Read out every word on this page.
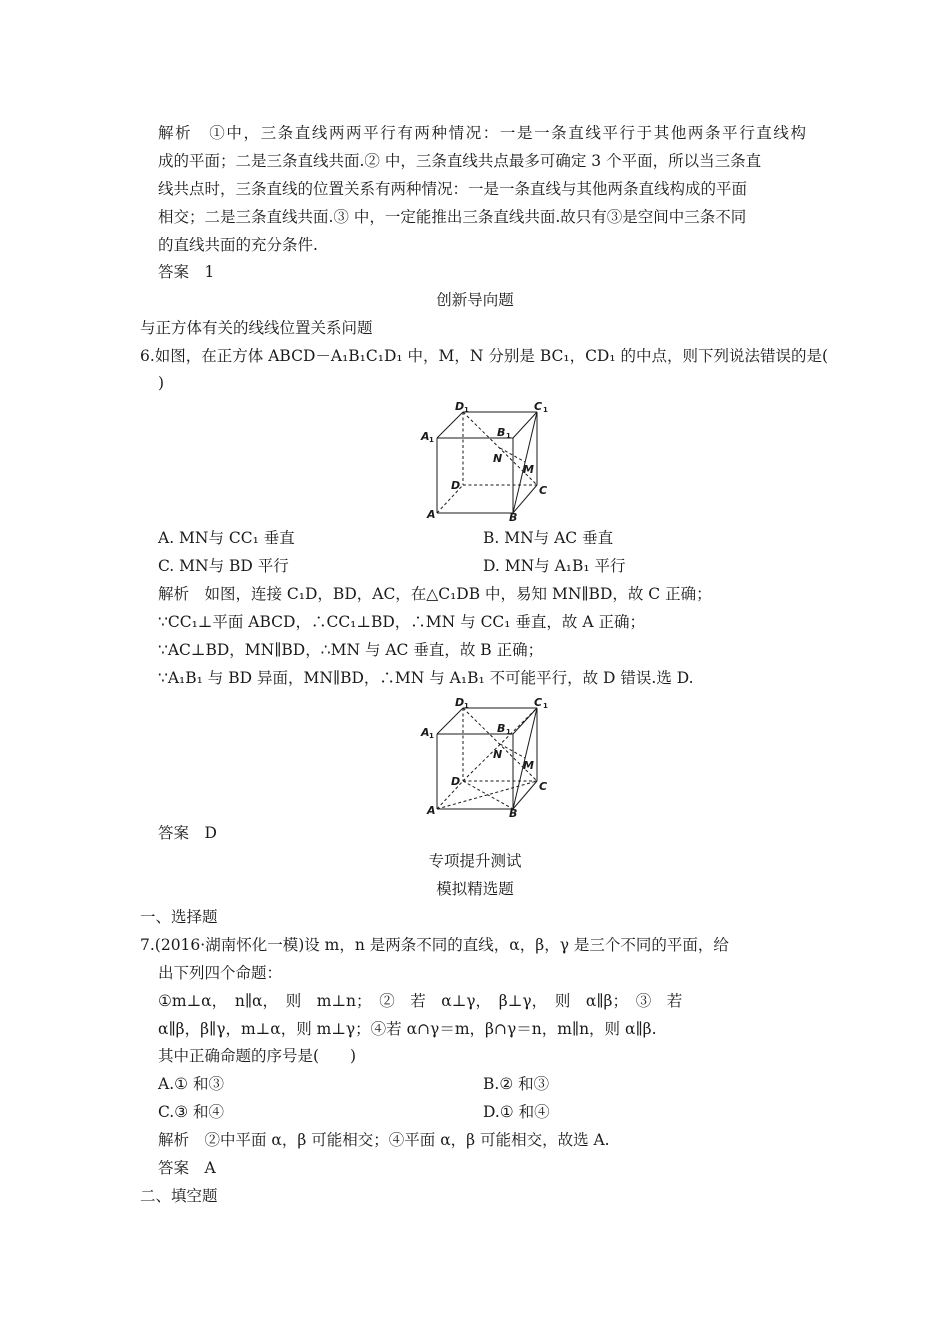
解析　①中，三条直线两两平行有两种情况：一是一条直线平行于其他两条平行直线构
成的平面；二是三条直线共面.② 中，三条直线共点最多可确定 3 个平面，所以当三条直
线共点时，三条直线的位置关系有两种情况：一是一条直线与其他两条直线构成的平面
相交；二是三条直线共面.③ 中，一定能推出三条直线共面.故只有③是空间中三条不同
的直线共面的充分条件.
答案　1
创新导向题
与正方体有关的线线位置关系问题
6.如图，在正方体 ABCD－A₁B₁C₁D₁ 中，M，N 分别是 BC₁，CD₁ 的中点，则下列说法错误的是(
)
D 1	C 1
B 1
A 1
N
M
D	C
A	B
A. MN与 CC₁ 垂直	B. MN与 AC 垂直
C. MN与 BD 平行	D. MN与 A₁B₁ 平行
解析　如图，连接 C₁D，BD，AC，在△C₁DB 中，易知 MN∥BD，故 C 正确；
∵CC₁⊥平面 ABCD，∴CC₁⊥BD，∴MN 与 CC₁ 垂直，故 A 正确；
∵AC⊥BD，MN∥BD，∴MN 与 AC 垂直，故 B 正确；
∵A₁B₁ 与 BD 异面，MN∥BD，∴MN 与 A₁B₁ 不可能平行，故 D 错误.选 D.
D 1	C 1
B 1
A 1
N
M
D	C
A	B
答案　D
专项提升测试
模拟精选题
一、选择题
7.(2016·湖南怀化一模)设 m，n 是两条不同的直线，α，β，γ 是三个不同的平面，给
出下列四个命题：
①m⊥α，　n∥α，　则　m⊥n；　②　若　α⊥γ，　β⊥γ，　则　α∥β；　③　若
α∥β，β∥γ，m⊥α，则 m⊥γ；④若 α∩γ＝m，β∩γ＝n，m∥n，则 α∥β.
其中正确命题的序号是(　　)
A.① 和③	B.② 和③
C.③ 和④	D.① 和④
解析　②中平面 α，β 可能相交；④平面 α，β 可能相交，故选 A.
答案　A
二、填空题
